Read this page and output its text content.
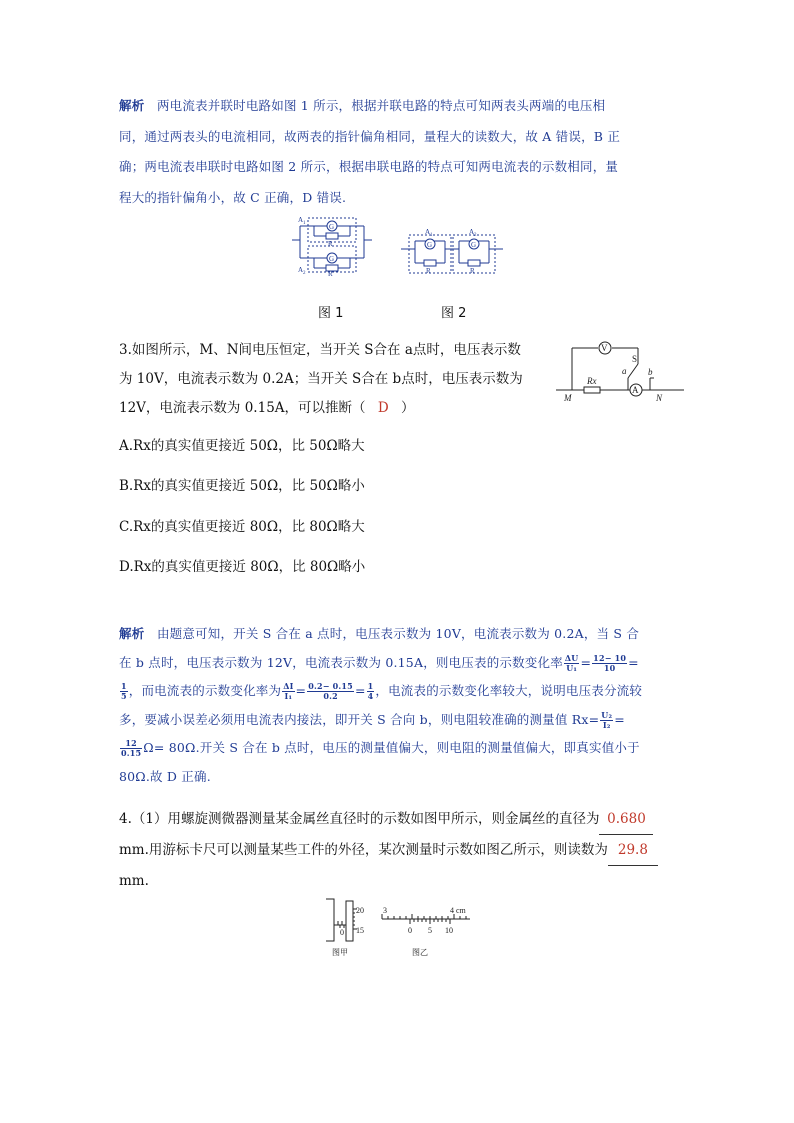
解析 两电流表并联时电路如图 1 所示，根据并联电路的特点可知两表头两端的电压相
同，通过两表头的电流相同，故两表的指针偏角相同，量程大的读数大，故 A 错误，B 正
确；两电流表串联时电路如图 2 所示，根据串联电路的特点可知两电流表的示数相同，量
程大的指针偏角小，故 C 正确，D 错误.

G
G
R
R
A 1
A 2
G	G
R	R
A 1	A 2
图 1	图 2

3.如图所示，M、N间电压恒定，当开关 S合在 a点时，电压表示数
为 10V，电流表示数为 0.2A；当开关 S合在 b点时，电压表示数为
12V，电流表示数为 0.15A，可以推断（ D ）

V
A
S
a b
Rx
M	N

A.Rx的真实值更接近 50Ω，比 50Ω略大

B.Rx的真实值更接近 50Ω，比 50Ω略小

C.Rx的真实值更接近 80Ω，比 80Ω略大

D.Rx的真实值更接近 80Ω，比 80Ω略小

解析 由题意可知，开关 S 合在 a 点时，电压表示数为 10V，电流表示数为 0.2A，当 S 合
在 b 点时，电压表示数为 12V，电流表示数为 0.15A，则电压表的示数变化率 $\frac{\Delta U}{\text{U₁}} = \frac{12- 10}{10}$ =

$\frac{1}{5}$ ，而电流表的示数变化率为 $\frac{\Delta I}{\text{I₁}} = \frac{0.2- 0.15}{0.2} = \frac{1}{4}$ ，电流表的示数变化率较大，说明电压表分流较
多，要减小误差必须用电流表内接法，即开关 S 合向 b，则电阻较准确的测量值 $Rx= \frac{\text{U₂}}{\text{I₂}}$ =

$\frac{12}{0.15} \Omega= 80\Omega$.开关 S 合在 b 点时，电压的测量值偏大，则电阻的测量值偏大，即真实值小于
80Ω.故 D 正确.

4.（1）用螺旋测微器测量某金属丝直径时的示数如图甲所示，则金属丝的直径为 0.680
mm.用游标卡尺可以测量某些工件的外径，某次测量时示数如图乙所示，则读数为 29.8
mm.

20
15
0
图甲
3	4 cm
0 5 10
图乙
